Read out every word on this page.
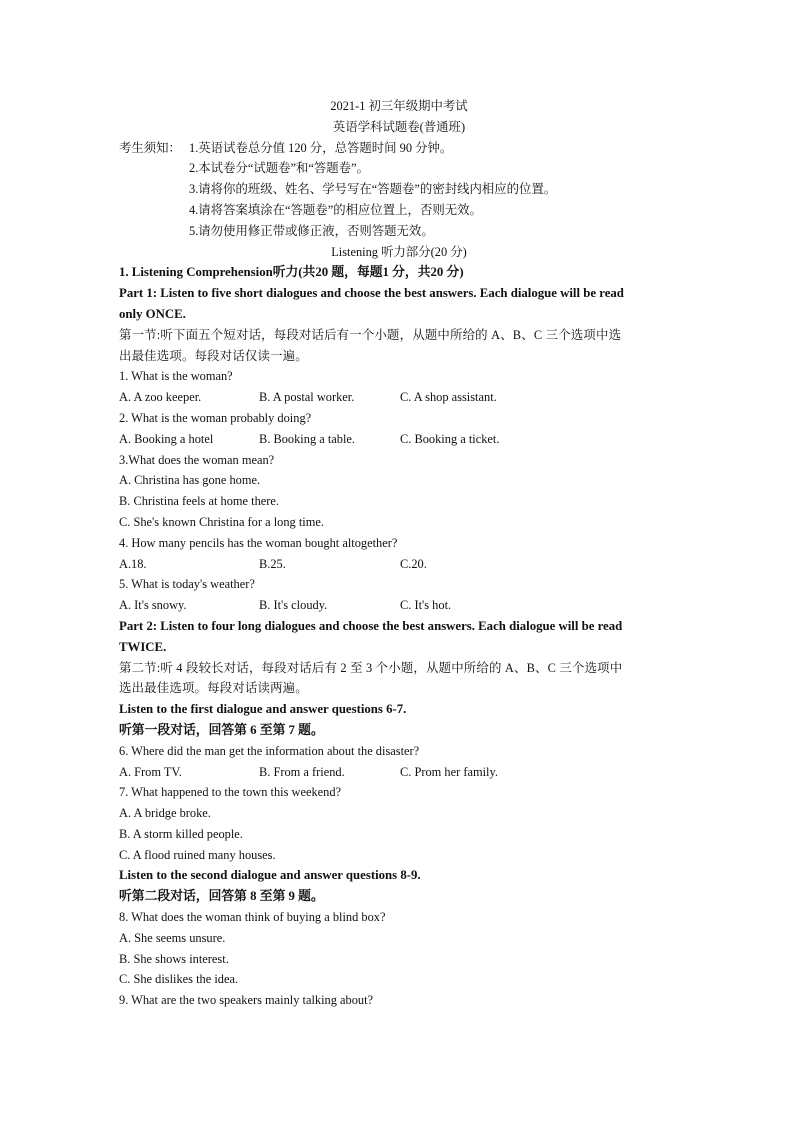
2021-1 初三年级期中考试
英语学科试题卷(普通班)
考生须知： 1.英语试卷总分值 120 分，总答题时间 90 分钟。
2.本试卷分“试题卷”和“答题卷”。
3.请将你的班级、姓名、学号写在“答题卷”的密封线内相应的位置。
4.请将答案填涂在“答题卷”的相应位置上，否则无效。
5.请勿使用修正带或修正液，否则答题无效。
Listening 听力部分(20 分)
1. Listening Comprehension听力(共20 题，每题1 分，共20 分)
Part 1: Listen to five short dialogues and choose the best answers. Each dialogue will be read
only ONCE.
第一节:听下面五个短对话，每段对话后有一个小题，从题中所给的 A、B、C 三个选项中选
出最佳选项。每段对话仅读一遍。
1. What is the woman?
A. A zoo keeper.	B. A postal worker.	C. A shop assistant.
2. What is the woman probably doing?
A. Booking a hotel	B. Booking a table.	C. Booking a ticket.
3.What does the woman mean?
A. Christina has gone home.
B. Christina feels at home there.
C. She's known Christina for a long time.
4. How many pencils has the woman bought altogether?
A.18.	B.25.	C.20.
5. What is today's weather?
A. It's snowy.	B. It's cloudy.	C. It's hot.
Part 2: Listen to four long dialogues and choose the best answers. Each dialogue will be read
TWICE.
第二节:听 4 段较长对话，每段对话后有 2 至 3 个小题，从题中所给的 A、B、C 三个选项中
选出最佳选项。每段对话读两遍。
Listen to the first dialogue and answer questions 6-7.
听第一段对话，回答第 6 至第 7 题。
6. Where did the man get the information about the disaster?
A. From TV.	B. From a friend.	C. Prom her family.
7. What happened to the town this weekend?
A. A bridge broke.
B. A storm killed people.
C. A flood ruined many houses.
Listen to the second dialogue and answer questions 8-9.
听第二段对话，回答第 8 至第 9 题。
8. What does the woman think of buying a blind box?
A. She seems unsure.
B. She shows interest.
C. She dislikes the idea.
9. What are the two speakers mainly talking about?
